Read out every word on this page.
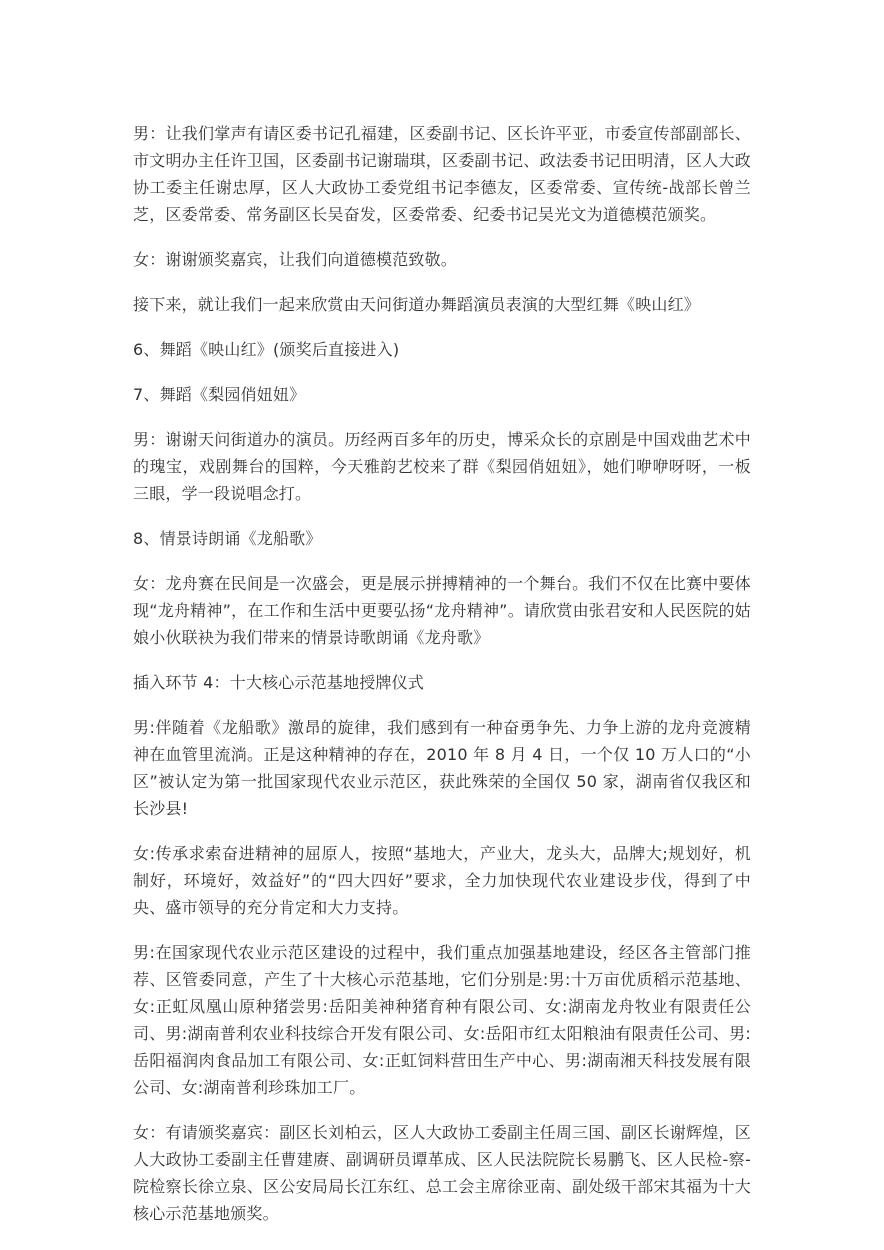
男：让我们掌声有请区委书记孔福建，区委副书记、区长许平亚，市委宣传部副部长、市文明办主任许卫国，区委副书记谢瑞琪，区委副书记、政法委书记田明清，区人大政协工委主任谢忠厚，区人大政协工委党组书记李德友，区委常委、宣传统-战部长曾兰芝，区委常委、常务副区长吴奋发，区委常委、纪委书记吴光文为道德模范颁奖。

女：谢谢颁奖嘉宾，让我们向道德模范致敬。

接下来，就让我们一起来欣赏由天问街道办舞蹈演员表演的大型红舞《映山红》

6、舞蹈《映山红》(颁奖后直接进入)

7、舞蹈《梨园俏妞妞》

男：谢谢天问街道办的演员。历经两百多年的历史，博采众长的京剧是中国戏曲艺术中的瑰宝，戏剧舞台的国粹，今天雅韵艺校来了群《梨园俏妞妞》，她们咿咿呀呀，一板三眼，学一段说唱念打。

8、情景诗朗诵《龙船歌》

女：龙舟赛在民间是一次盛会，更是展示拼搏精神的一个舞台。我们不仅在比赛中要体现“龙舟精神”，在工作和生活中更要弘扬“龙舟精神”。请欣赏由张君安和人民医院的姑娘小伙联袂为我们带来的情景诗歌朗诵《龙舟歌》

插入环节 4：十大核心示范基地授牌仪式

男:伴随着《龙船歌》激昂的旋律，我们感到有一种奋勇争先、力争上游的龙舟竞渡精神在血管里流淌。正是这种精神的存在，2010 年 8 月 4 日，一个仅 10 万人口的“小区”被认定为第一批国家现代农业示范区，获此殊荣的全国仅 50 家，湖南省仅我区和长沙县!

女:传承求索奋进精神的屈原人，按照“基地大，产业大，龙头大，品牌大;规划好，机制好，环境好，效益好”的“四大四好”要求，全力加快现代农业建设步伐，得到了中央、盛市领导的充分肯定和大力支持。

男:在国家现代农业示范区建设的过程中，我们重点加强基地建设，经区各主管部门推荐、区管委同意，产生了十大核心示范基地，它们分别是:男:十万亩优质稻示范基地、女:正虹凤凰山原种猪尝男:岳阳美神种猪育种有限公司、女:湖南龙舟牧业有限责任公司、男:湖南普利农业科技综合开发有限公司、女:岳阳市红太阳粮油有限责任公司、男:岳阳福润肉食品加工有限公司、女:正虹饲料营田生产中心、男:湖南湘天科技发展有限公司、女:湖南普利珍珠加工厂。

女：有请颁奖嘉宾：副区长刘柏云，区人大政协工委副主任周三国、副区长谢辉煌，区人大政协工委副主任曹建赓、副调研员谭革成、区人民法院院长易鹏飞、区人民检-察-院检察长徐立泉、区公安局局长江东红、总工会主席徐亚南、副处级干部宋其福为十大核心示范基地颁奖。
